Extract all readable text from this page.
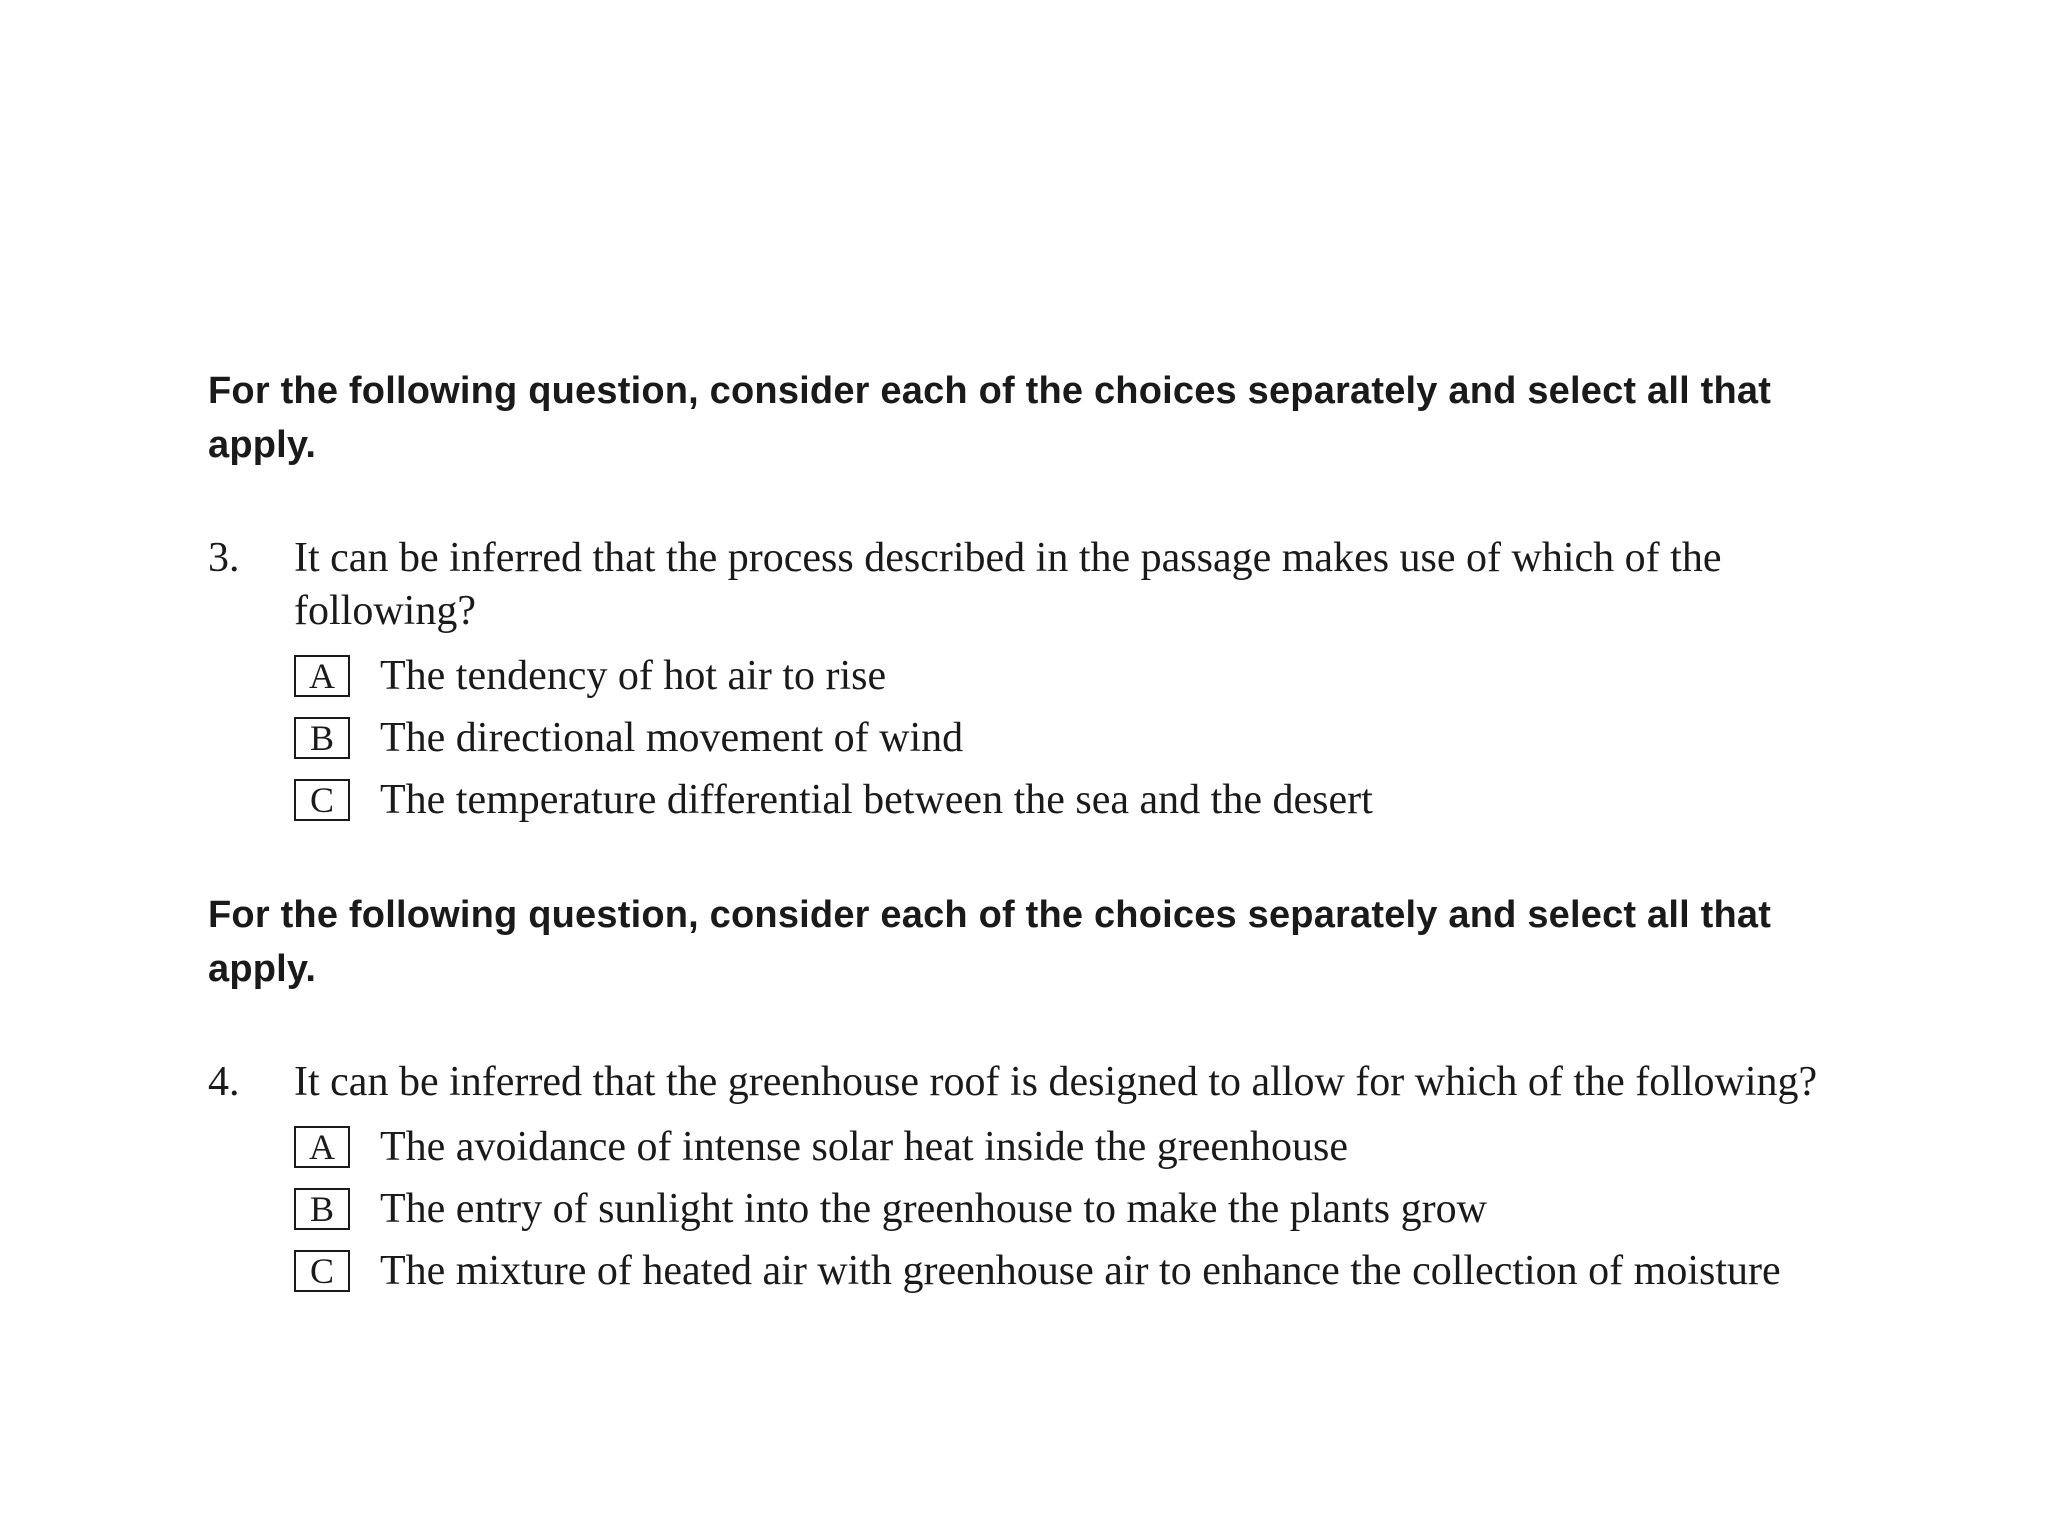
For the following question, consider each of the choices separately and select all that apply.

3. It can be inferred that the process described in the passage makes use of which of the following?

A	The tendency of hot air to rise
B	The directional movement of wind
C	The temperature differential between the sea and the desert

For the following question, consider each of the choices separately and select all that apply.

4. It can be inferred that the greenhouse roof is designed to allow for which of the following?

A	The avoidance of intense solar heat inside the greenhouse
B	The entry of sunlight into the greenhouse to make the plants grow
C	The mixture of heated air with greenhouse air to enhance the collection of moisture
